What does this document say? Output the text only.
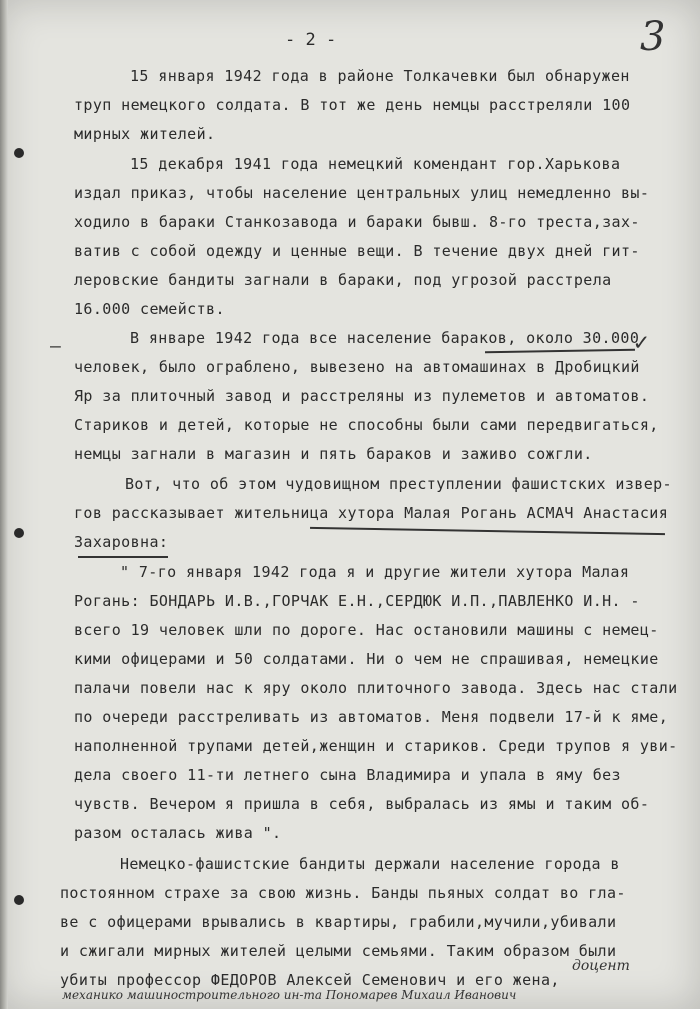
- 2 -	3
15 января 1942 года в районе Толкачевки был обнаружен
труп немецкого солдата. В тот же день немцы расстреляли 100
мирных жителей.
15 декабря 1941 года немецкий комендант гор.Харькова
издал приказ, чтобы население центральных улиц немедленно вы-
ходило в бараки Станкозавода и бараки бывш. 8-го треста,зах-
ватив с собой одежду и ценные вещи. В течение двух дней гит-
леровские бандиты загнали в бараки, под угрозой расстрела
16.000 семейств.
В январе 1942 года все население бараков, около 30.000
человек, было ограблено, вывезено на автомашинах в Дробицкий
Яр за плиточный завод и расстреляны из пулеметов и автоматов.
Стариков и детей, которые не способны были сами передвигаться,
немцы загнали в магазин и пять бараков и заживо сожгли.
Вот, что об этом чудовищном преступлении фашистских извер-
гов рассказывает жительница хутора Малая Рогань АСМАЧ Анастасия
Захаровна:
" 7-го января 1942 года я и другие жители хутора Малая
Рогань: БОНДАРЬ И.В.,ГОРЧАК Е.Н.,СЕРДЮК И.П.,ПАВЛЕНКО И.Н. -
всего 19 человек шли по дороге. Нас остановили машины с немец-
кими офицерами и 50 солдатами. Ни о чем не спрашивая, немецкие
палачи повели нас к яру около плиточного завода. Здесь нас стали
по очереди расстреливать из автоматов. Меня подвели 17-й к яме,
наполненной трупами детей,женщин и стариков. Среди трупов я уви-
дела своего 11-ти летнего сына Владимира и упала в яму без
чувств. Вечером я пришла в себя, выбралась из ямы и таким об-
разом осталась жива ".
Немецко-фашистские бандиты держали население города в
постоянном страхе за свою жизнь. Банды пьяных солдат во гла-
ве с офицерами врывались в квартиры, грабили,мучили,убивали
и сжигали мирных жителей целыми семьями. Таким образом были
убиты профессор ФЕДОРОВ Алексей Семенович и его жена,
—	✓
доцент
механико машиностроительного ин-та Пономарев Михаил Иванович
